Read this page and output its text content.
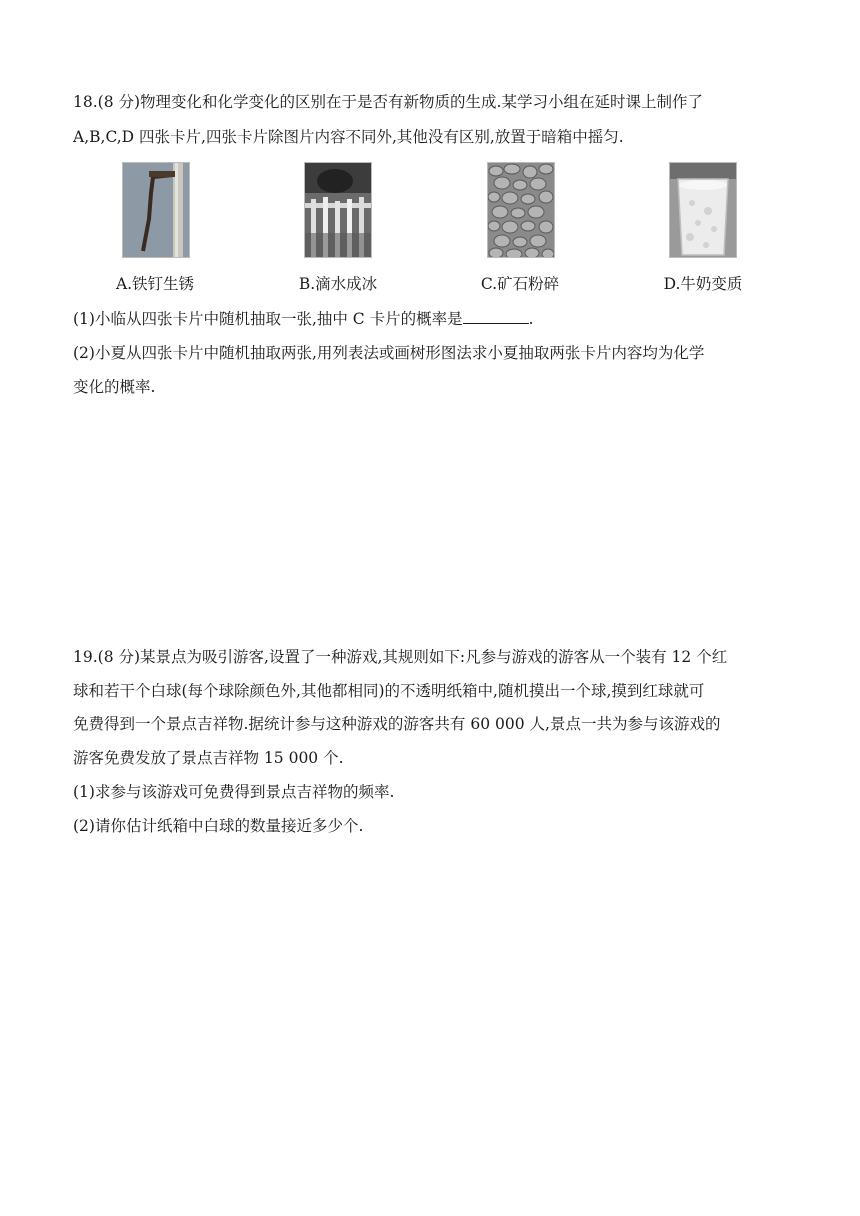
18.(8 分)物理变化和化学变化的区别在于是否有新物质的生成.某学习小组在延时课上制作了
A,B,C,D 四张卡片,四张卡片除图片内容不同外,其他没有区别,放置于暗箱中摇匀.
A.铁钉生锈	B.滴水成冰	C.矿石粉碎	D.牛奶变质
(1)小临从四张卡片中随机抽取一张,抽中 C 卡片的概率是	.
(2)小夏从四张卡片中随机抽取两张,用列表法或画树形图法求小夏抽取两张卡片内容均为化学
变化的概率.
19.(8 分)某景点为吸引游客,设置了一种游戏,其规则如下:凡参与游戏的游客从一个装有 12 个红
球和若干个白球(每个球除颜色外,其他都相同)的不透明纸箱中,随机摸出一个球,摸到红球就可
免费得到一个景点吉祥物.据统计参与这种游戏的游客共有 60 000 人,景点一共为参与该游戏的
游客免费发放了景点吉祥物 15 000 个.
(1)求参与该游戏可免费得到景点吉祥物的频率.
(2)请你估计纸箱中白球的数量接近多少个.
